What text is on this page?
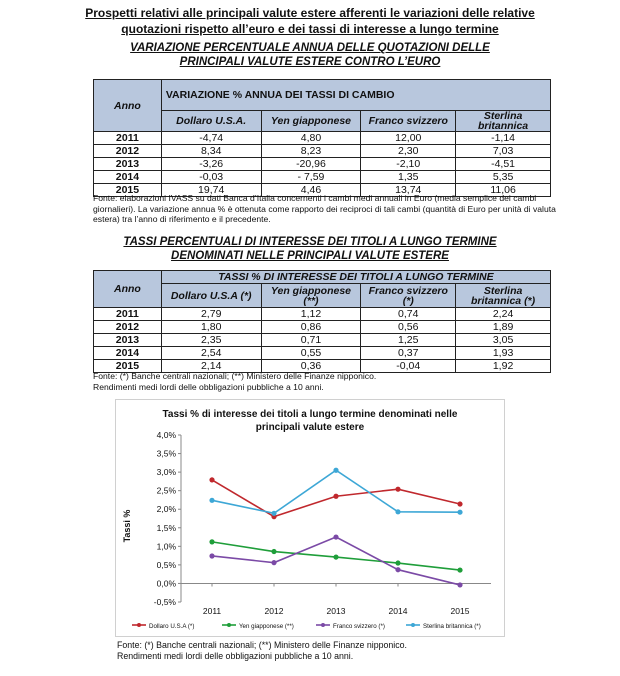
Prospetti relativi alle principali valute estere afferenti le variazioni delle relative
quotazioni rispetto all’euro e dei tassi di interesse a lungo termine
VARIAZIONE PERCENTUALE ANNUA DELLE QUOTAZIONI DELLE
PRINCIPALI VALUTE ESTERE CONTRO L’EURO
Anno	VARIAZIONE % ANNUA DEI TASSI DI CAMBIO			
	Dollaro U.S.A.	Yen giapponese	Franco svizzero	Sterlina britannica
2011	-4,74	4,80	12,00	-1,14
2012	8,34	8,23	2,30	7,03
2013	-3,26	-20,96	-2,10	-4,51
2014	-0,03	- 7,59	1,35	5,35
2015	19,74	4,46	13,74	11,06
Fonte: elaborazioni IVASS su dati Banca d’Italia concernenti i cambi medi annuali in Euro (media semplice dei cambi
giornalieri). La variazione annua % è ottenuta come rapporto dei reciproci di tali cambi (quantità di Euro per unità di valuta
estera) tra l’anno di riferimento e il precedente.
TASSI PERCENTUALI DI INTERESSE DEI TITOLI A LUNGO TERMINE
DENOMINATI NELLE PRINCIPALI VALUTE ESTERE
Anno	TASSI % DI INTERESSE DEI TITOLI A LUNGO TERMINE			
	Dollaro U.S.A (*)	Yen giapponese (**)	Franco svizzero (*)	Sterlina britannica (*)
2011	2,79	1,12	0,74	2,24
2012	1,80	0,86	0,56	1,89
2013	2,35	0,71	1,25	3,05
2014	2,54	0,55	0,37	1,93
2015	2,14	0,36	-0,04	1,92
Fonte: (*) Banche centrali nazionali; (**) Ministero delle Finanze nipponico.
Rendimenti medi lordi delle obbligazioni pubbliche a 10 anni.
Tassi % di interesse dei titoli a lungo termine denominati nelle
principali valute estere
Tassi %
4,0%
3,5%
3,0%
2,5%
2,0%
1,5%
1,0%
0,5%
0,0%
-0,5%
2011	2012	2013	2014	2015
Dollaro U.S.A (*)	Yen giapponese (**)	Franco svizzero (*)	Sterlina britannica (*)
Fonte: (*) Banche centrali nazionali; (**) Ministero delle Finanze nipponico.
Rendimenti medi lordi delle obbligazioni pubbliche a 10 anni.
